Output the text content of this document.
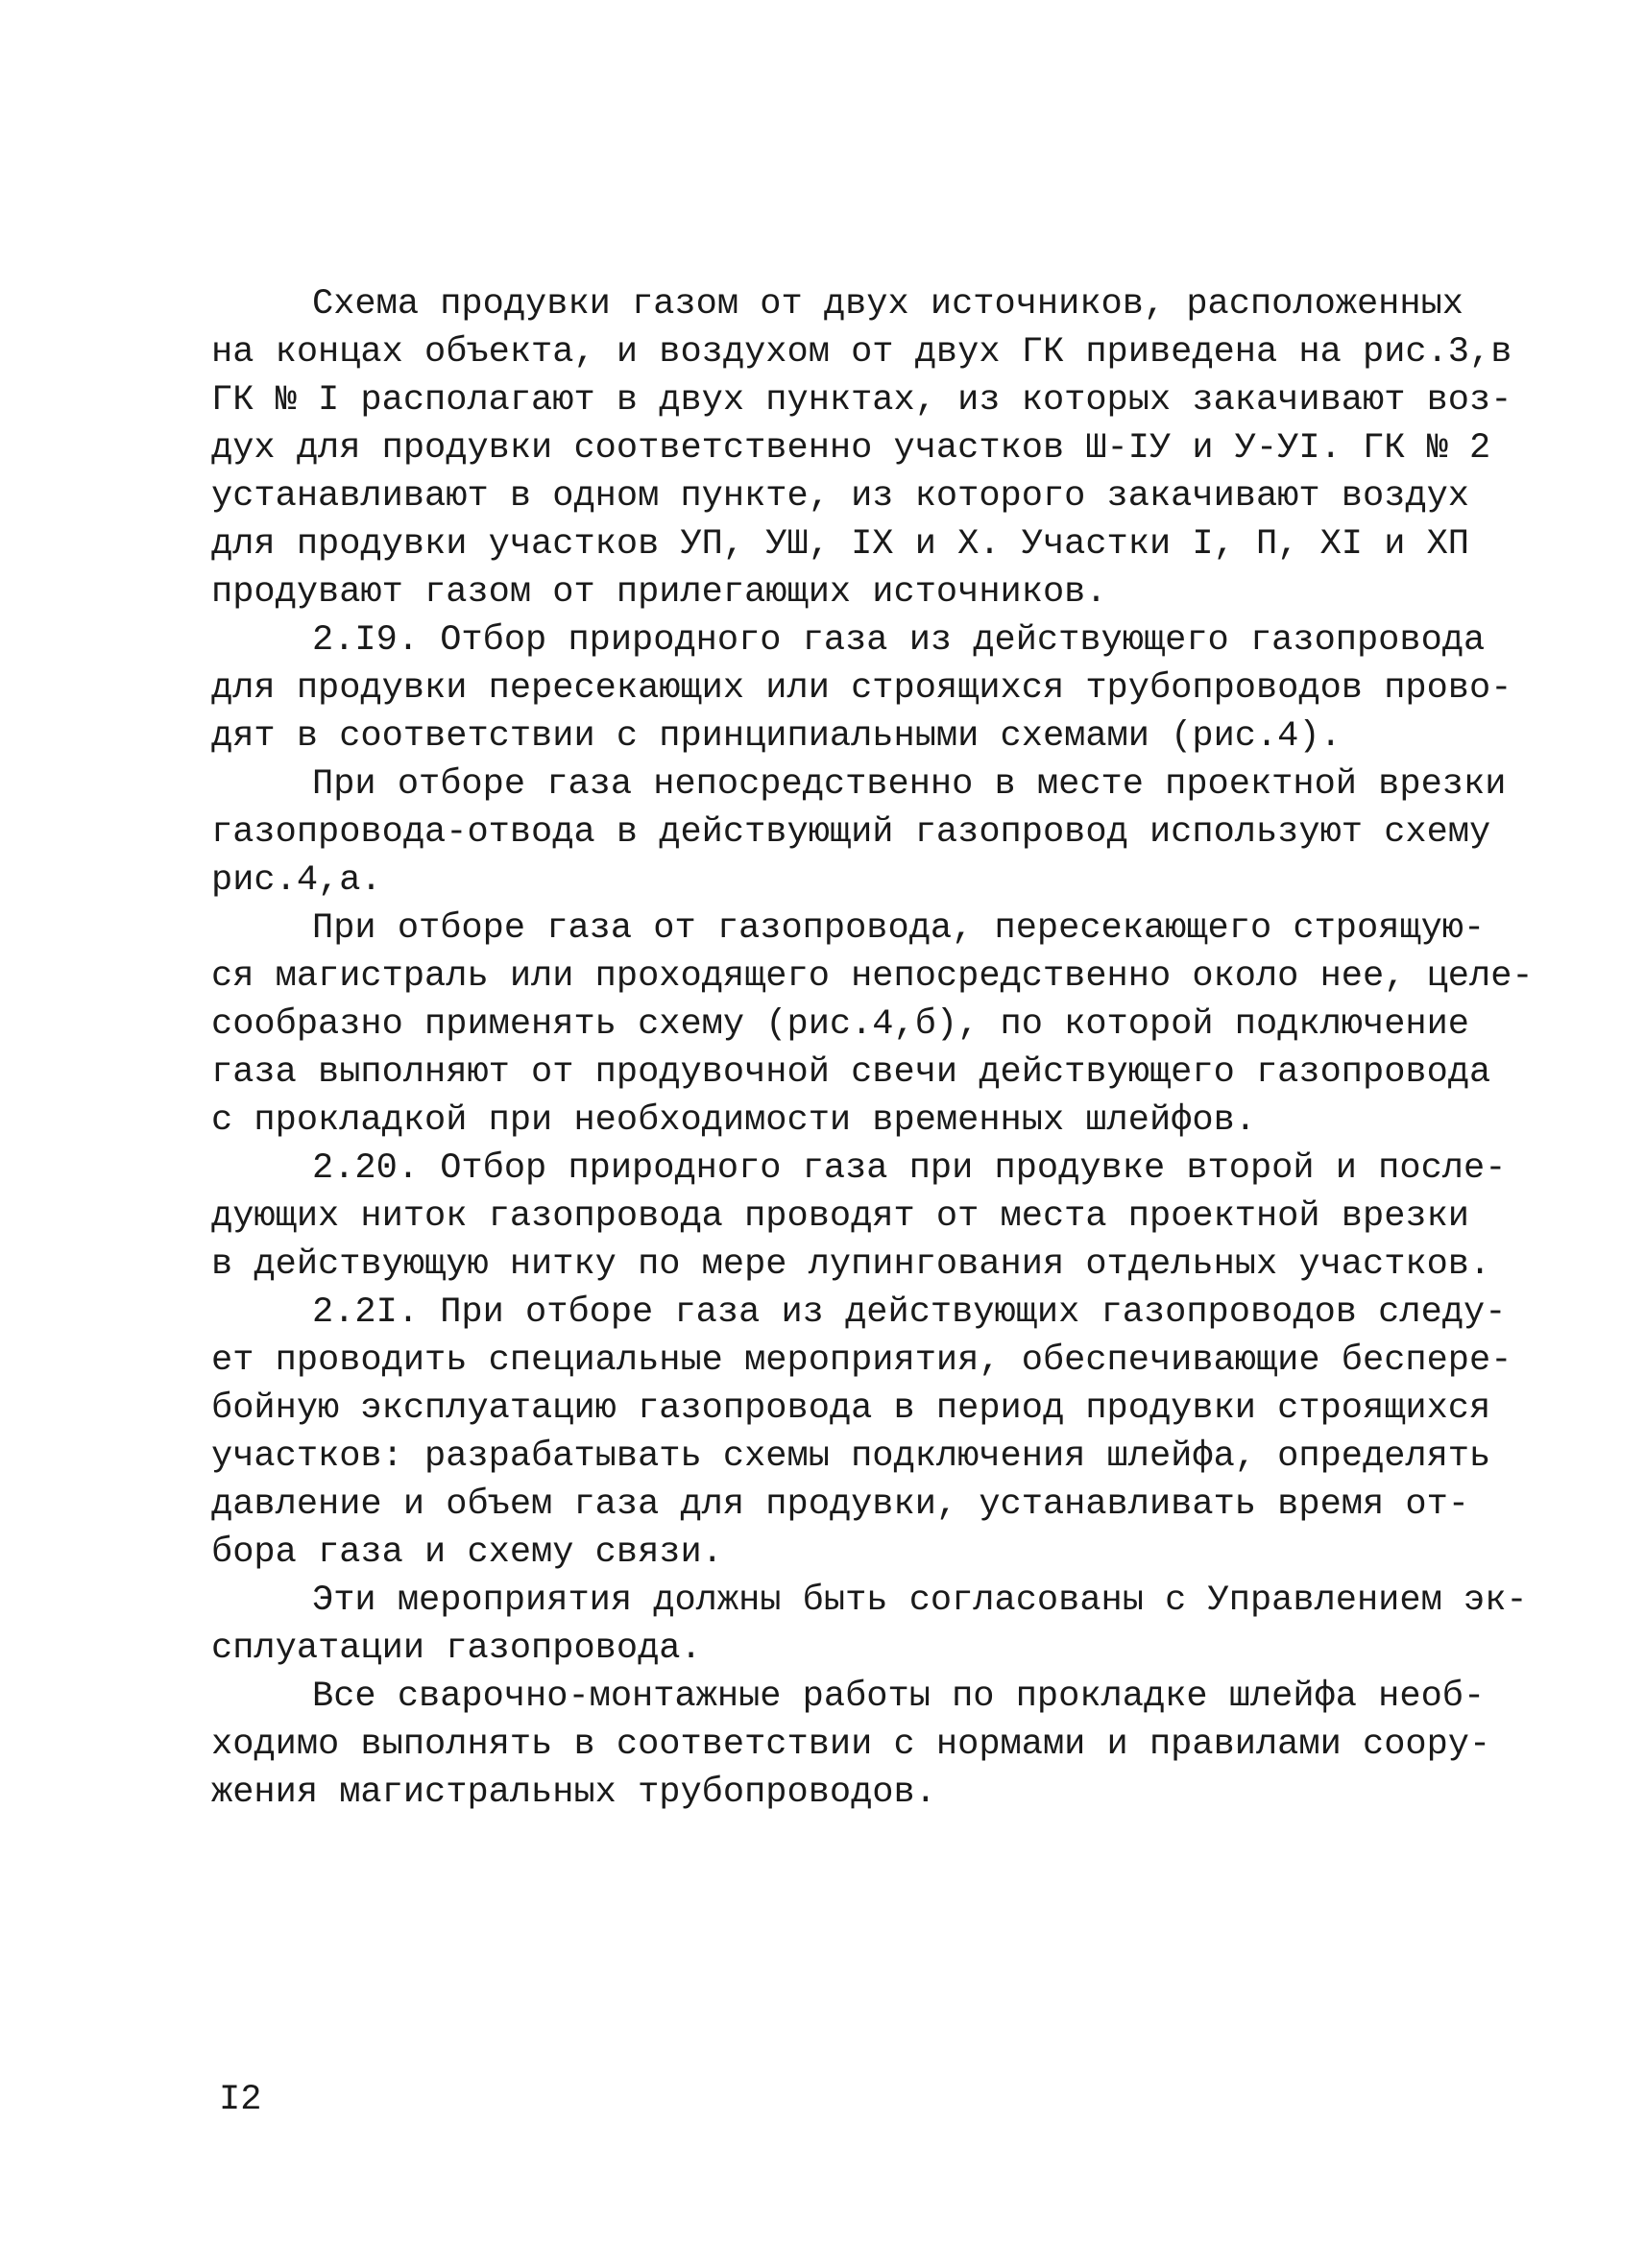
Схема продувки газом от двух источников, расположенных
на концах объекта, и воздухом от двух ГК приведена на рис.3,в
ГК № I располагают в двух пунктах, из которых закачивают воз-
дух для продувки соответственно участков Ш-IУ и У-УI. ГК № 2
устанавливают в одном пункте, из которого закачивают воздух
для продувки участков УП, УШ, IX и X. Участки I, П, XI и XП
продувают газом от прилегающих источников.
2.I9. Отбор природного газа из действующего газопровода
для продувки пересекающих или строящихся трубопроводов прово-
дят в соответствии с принципиальными схемами (рис.4).
При отборе газа непосредственно в месте проектной врезки
газопровода-отвода в действующий газопровод используют схему
рис.4,а.
При отборе газа от газопровода, пересекающего строящую-
ся магистраль или проходящего непосредственно около нее, целе-
сообразно применять схему (рис.4,б), по которой подключение
газа выполняют от продувочной свечи действующего газопровода
с прокладкой при необходимости временных шлейфов.
2.20. Отбор природного газа при продувке второй и после-
дующих ниток газопровода проводят от места проектной врезки
в действующую нитку по мере лупингования отдельных участков.
2.2I. При отборе газа из действующих газопроводов следу-
ет проводить специальные мероприятия, обеспечивающие беспере-
бойную эксплуатацию газопровода в период продувки строящихся
участков: разрабатывать схемы подключения шлейфа, определять
давление и объем газа для продувки, устанавливать время от-
бора газа и схему связи.
Эти мероприятия должны быть согласованы с Управлением эк-
сплуатации газопровода.
Все сварочно-монтажные работы по прокладке шлейфа необ-
ходимо выполнять в соответствии с нормами и правилами соору-
жения магистральных трубопроводов.
I2
